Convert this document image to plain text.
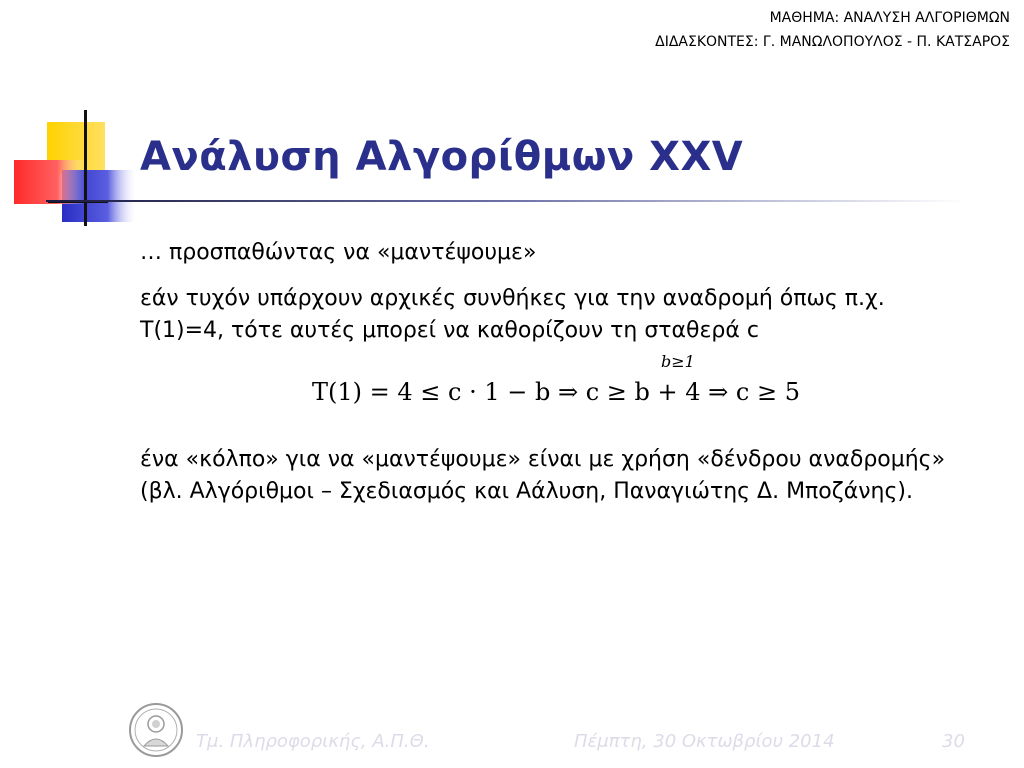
ΜΑΘΗΜΑ: ΑΝΑΛΥΣΗ ΑΛΓΟΡΙΘΜΩΝ
ΔΙΔΑΣΚΟΝΤΕΣ: Γ. ΜΑΝΩΛΟΠΟΥΛΟΣ - Π. ΚΑΤΣΑΡΟΣ
Ανάλυση Αλγορίθμων XXV
… προσπαθώντας να «μαντέψουμε»
εάν τυχόν υπάρχουν αρχικές συνθήκες για την αναδρομή όπως π.χ. T(1)=4, τότε αυτές μπορεί να καθορίζουν τη σταθερά c
b≥1
T(1) = 4 ≤ c · 1 − b ⇒ c ≥ b + 4 ⇒ c ≥ 5
ένα «κόλπο» για να «μαντέψουμε» είναι με χρήση «δένδρου αναδρομής» (βλ. Αλγόριθμοι – Σχεδιασμός και Αάλυση, Παναγιώτης Δ. Μποζάνης).
Τμ. Πληροφορικής, Α.Π.Θ.	Πέμπτη, 30 Οκτωβρίου 2014	30
